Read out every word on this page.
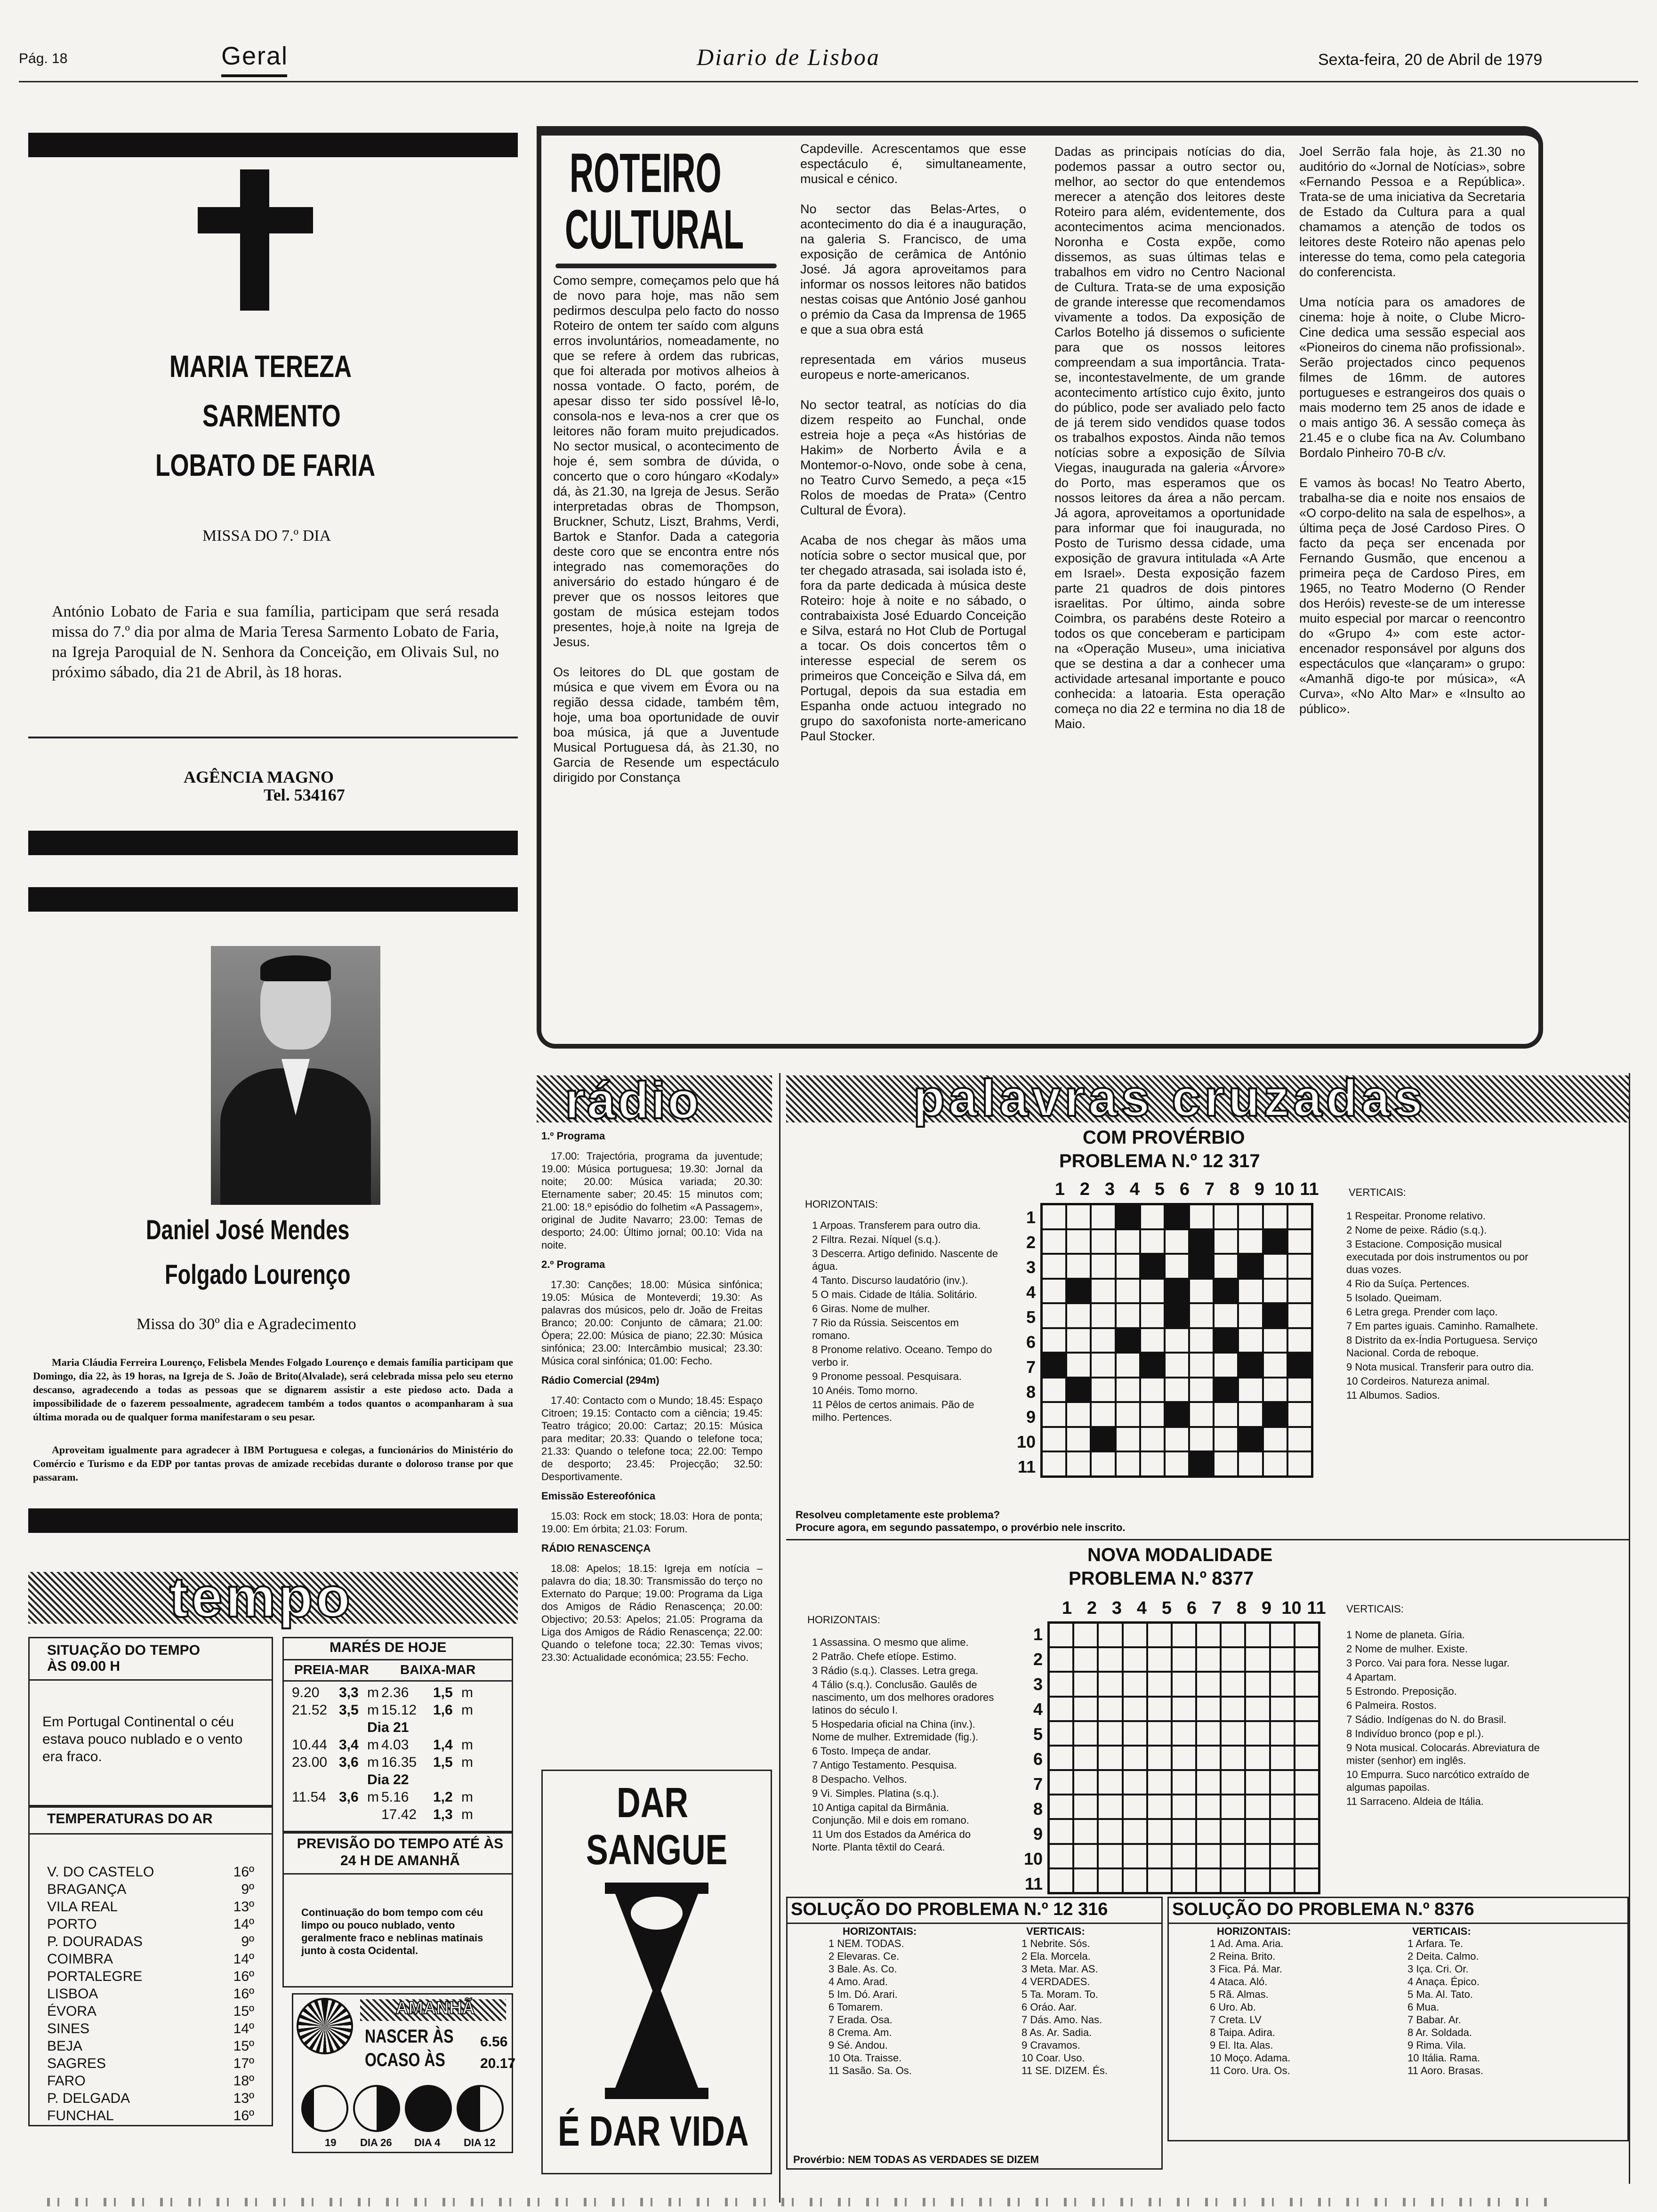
Pág. 18	Geral	Diario de Lisboa	Sexta-feira, 20 de Abril de 1979
MARIA TEREZA
SARMENTO
LOBATO DE FARIA
MISSA DO 7.º DIA
António Lobato de Faria e sua família, participam que será resada missa do 7.º dia por alma de Maria Teresa Sarmento Lobato de Faria, na Igreja Paroquial de N. Senhora da Conceição, em Olivais Sul, no próximo sábado, dia 21 de Abril, às 18 horas.
AGÊNCIA MAGNO
Tel. 534167
Daniel José Mendes
Folgado Lourenço
Missa do 30º dia e Agradecimento
Maria Cláudia Ferreira Lourenço, Felisbela Mendes Folgado Lourenço e demais família participam que Domingo, dia 22, às 19 horas, na Igreja de S. João de Brito(Alvalade), será celebrada missa pelo seu eterno descanso, agradecendo a todas as pessoas que se dignarem assistir a este piedoso acto. Dada a impossibilidade de o fazerem pessoalmente, agradecem também a todos quantos o acompanharam à sua última morada ou de qualquer forma manifestaram o seu pesar.
Aproveitam igualmente para agradecer à IBM Portuguesa e colegas, a funcionários do Ministério do Comércio e Turismo e da EDP por tantas provas de amizade recebidas durante o doloroso transe por que passaram.
ROTEIRO
CULTURAL

Como sempre, começamos pelo que há de novo para hoje, mas não sem pedirmos desculpa pelo facto do nosso Roteiro de ontem ter saído com alguns erros involuntários, nomeadamente, no que se refere à ordem das rubricas, que foi alterada por motivos alheios à nossa vontade. O facto, porém, de apesar disso ter sido possível lê-lo, consola-nos e leva-nos a crer que os leitores não foram muito prejudicados. No sector musical, o acontecimento de hoje é, sem sombra de dúvida, o concerto que o coro húngaro «Kodaly» dá, às 21.30, na Igreja de Jesus. Serão interpretadas obras de Thompson, Bruckner, Schutz, Liszt, Brahms, Verdi, Bartok e Stanfor. Dada a categoria deste coro que se encontra entre nós integrado nas comemorações do aniversário do estado húngaro é de prever que os nossos leitores que gostam de música estejam todos presentes, hoje,à noite na Igreja de Jesus.

Os leitores do DL que gostam de música e que vivem em Évora ou na região dessa cidade, também têm, hoje, uma boa oportunidade de ouvir boa música, já que a Juventude Musical Portuguesa dá, às 21.30, no Garcia de Resende um espectáculo dirigido por Constança

Capdeville. Acrescentamos que esse espectáculo é, simultaneamente, musical e cénico.

No sector das Belas-Artes, o acontecimento do dia é a inauguração, na galeria S. Francisco, de uma exposição de cerâmica de António José. Já agora aproveitamos para informar os nossos leitores não batidos nestas coisas que António José ganhou o prémio da Casa da Imprensa de 1965 e que a sua obra está

representada em vários museus europeus e norte-americanos.

No sector teatral, as notícias do dia dizem respeito ao Funchal, onde estreia hoje a peça «As histórias de Hakim» de Norberto Ávila e a Montemor-o-Novo, onde sobe à cena, no Teatro Curvo Semedo, a peça «15 Rolos de moedas de Prata» (Centro Cultural de Évora).

Acaba de nos chegar às mãos uma notícia sobre o sector musical que, por ter chegado atrasada, sai isolada isto é, fora da parte dedicada à música deste Roteiro: hoje à noite e no sábado, o contrabaixista José Eduardo Conceição e Silva, estará no Hot Club de Portugal a tocar. Os dois concertos têm o interesse especial de serem os primeiros que Conceição e Silva dá, em Portugal, depois da sua estadia em Espanha onde actuou integrado no grupo do saxofonista norte-americano Paul Stocker.

Dadas as principais notícias do dia, podemos passar a outro sector ou, melhor, ao sector do que entendemos merecer a atenção dos leitores deste Roteiro para além, evidentemente, dos acontecimentos acima mencionados. Noronha e Costa expõe, como dissemos, as suas últimas telas e trabalhos em vidro no Centro Nacional de Cultura. Trata-se de uma exposição de grande interesse que recomendamos vivamente a todos. Da exposição de Carlos Botelho já dissemos o suficiente para que os nossos leitores compreendam a sua importância. Trata-se, incontestavelmente, de um grande acontecimento artístico cujo êxito, junto do público, pode ser avaliado pelo facto de já terem sido vendidos quase todos os trabalhos expostos. Ainda não temos notícias sobre a exposição de Sílvia Viegas, inaugurada na galeria «Árvore» do Porto, mas esperamos que os nossos leitores da área a não percam. Já agora, aproveitamos a oportunidade para informar que foi inaugurada, no Posto de Turismo dessa cidade, uma exposição de gravura intitulada «A Arte em Israel». Desta exposição fazem parte 21 quadros de dois pintores israelitas. Por último, ainda sobre Coimbra, os parabéns deste Roteiro a todos os que conceberam e participam na «Operação Museu», uma iniciativa que se destina a dar a conhecer uma actividade artesanal importante e pouco conhecida: a latoaria. Esta operação começa no dia 22 e termina no dia 18 de Maio.

Joel Serrão fala hoje, às 21.30 no auditório do «Jornal de Notícias», sobre «Fernando Pessoa e a República». Trata-se de uma iniciativa da Secretaria de Estado da Cultura para a qual chamamos a atenção de todos os leitores deste Roteiro não apenas pelo interesse do tema, como pela categoria do conferencista.

Uma notícia para os amadores de cinema: hoje à noite, o Clube Micro-Cine dedica uma sessão especial aos «Pioneiros do cinema não profissional». Serão projectados cinco pequenos filmes de 16mm. de autores portugueses e estrangeiros dos quais o mais moderno tem 25 anos de idade e o mais antigo 36. A sessão começa às 21.45 e o clube fica na Av. Columbano Bordalo Pinheiro 70-B c/v.

E vamos às bocas! No Teatro Aberto, trabalha-se dia e noite nos ensaios de «O corpo-delito na sala de espelhos», a última peça de José Cardoso Pires. O facto da peça ser encenada por Fernando Gusmão, que encenou a primeira peça de Cardoso Pires, em 1965, no Teatro Moderno (O Render dos Heróis) reveste-se de um interesse muito especial por marcar o reencontro do «Grupo 4» com este actor-encenador responsável por alguns dos espectáculos que «lançaram» o grupo: «Amanhã digo-te por música», «A Curva», «No Alto Mar» e «Insulto ao público».

rádio
1.º Programa
17.00: Trajectória, programa da juventude; 19.00: Música portuguesa; 19.30: Jornal da noite; 20.00: Música variada; 20.30: Eternamente saber; 20.45: 15 minutos com; 21.00: 18.º episódio do folhetim «A Passagem», original de Judite Navarro; 23.00: Temas de desporto; 24.00: Último jornal; 00.10: Vida na noite.
2.º Programa
17.30: Canções; 18.00: Música sinfónica; 19.05: Música de Monteverdi; 19.30: As palavras dos músicos, pelo dr. João de Freitas Branco; 20.00: Conjunto de câmara; 21.00: Ópera; 22.00: Música de piano; 22.30: Música sinfónica; 23.00: Intercâmbio musical; 23.30: Música coral sinfónica; 01.00: Fecho.
Rádio Comercial (294m)
17.40: Contacto com o Mundo; 18.45: Espaço Citroen; 19.15: Contacto com a ciência; 19.45: Teatro trágico; 20.00: Cartaz; 20.15: Música para meditar; 20.33: Quando o telefone toca; 21.33: Quando o telefone toca; 22.00: Tempo de desporto; 23.45: Projecção; 32.50: Desportivamente.
Emissão Estereofónica
15.03: Rock em stock; 18.03: Hora de ponta; 19.00: Em órbita; 21.03: Forum.
RÁDIO RENASCENÇA
18.08: Apelos; 18.15: Igreja em notícia – palavra do dia; 18.30: Transmissão do terço no Externato do Parque; 19.00: Programa da Liga dos Amigos de Rádio Renascença; 20.00: Objectivo; 20.53: Apelos; 21.05: Programa da Liga dos Amigos de Rádio Renascença; 22.00: Quando o telefone toca; 22.30: Temas vivos; 23.30: Actualidade económica; 23.55: Fecho.
tempo
SITUAÇÃO DO TEMPO ÀS 09.00 H
Em Portugal Continental o céu estava pouco nublado e o vento era fraco.
TEMPERATURAS DO AR
V. DO CASTELO	16º
BRAGANÇA	9º
VILA REAL	13º
PORTO	14º
P. DOURADAS	9º
COIMBRA	14º
PORTALEGRE	16º
LISBOA	16º
ÉVORA	15º
SINES	14º
BEJA	15º
SAGRES	17º
FARO	18º
P. DELGADA	13º
FUNCHAL	16º
MARÉS DE HOJE
PREIA-MAR BAIXA-MAR
9.20	3,3 m 2.36	1,5 m
21.52 3,5 m 15.12	1,6 m
Dia 21
10.44 3,4 m 4.03	1,4 m
23.00 3,6 m 16.35	1,5 m
Dia 22
11.54 3,6 m 5.16	1,2 m
17.42	1,3 m
PREVISÃO DO TEMPO ATÉ ÀS 24 H DE AMANHÃ
Continuação do bom tempo com céu limpo ou pouco nublado, vento geralmente fraco e neblinas matinais junto à costa Ocidental.
AMANHÃ
NASCER ÀS 6.56
OCASO ÀS 20.17
19 DIA 26 DIA 4 DIA 12
DAR
SANGUE
É DAR VIDA
palavras cruzadas
COM PROVÉRBIO
PROBLEMA N.º 12 317
1 2 3 4 5 6 7 8 9 10 11
HORIZONTAIS:
1 Arpoas. Transferem para outro dia.
2 Filtra. Rezai. Níquel (s.q.).
3 Descerra. Artigo definido. Nascente de água.
4 Tanto. Discurso laudatório (inv.).
5 O mais. Cidade de Itália. Solitário.
6 Giras. Nome de mulher.
7 Rio da Rússia. Seiscentos em romano.
8 Pronome relativo. Oceano. Tempo do verbo ir.
9 Pronome pessoal. Pesquisara.
10 Anéis. Tomo morno.
11 Pêlos de certos animais. Pão de milho. Pertences.
1
2
3
4
5
6
7
8
9
10
11
VERTICAIS:
1 Respeitar. Pronome relativo.
2 Nome de peixe. Rádio (s.q.).
3 Estacione. Composição musical executada por dois instrumentos ou por duas vozes.
4 Rio da Suíça. Pertences.
5 Isolado. Queimam.
6 Letra grega. Prender com laço.
7 Em partes iguais. Caminho. Ramalhete.
8 Distrito da ex-Índia Portuguesa. Serviço Nacional. Corda de reboque.
9 Nota musical. Transferir para outro dia.
10 Cordeiros. Natureza animal.
11 Albumos. Sadios.
Resolveu completamente este problema?
Procure agora, em segundo passatempo, o provérbio nele inscrito.
NOVA MODALIDADE
PROBLEMA N.º 8377
1 2 3 4 5 6 7 8 9 10 11
HORIZONTAIS:
1 Assassina. O mesmo que alime.
2 Patrão. Chefe etíope. Estimo.
3 Rádio (s.q.). Classes. Letra grega.
4 Tálio (s.q.). Conclusão. Gaulês de nascimento, um dos melhores oradores latinos do século I.
5 Hospedaria oficial na China (inv.). Nome de mulher. Extremidade (fig.).
6 Tosto. Impeça de andar.
7 Antigo Testamento. Pesquisa.
8 Despacho. Velhos.
9 Vi. Simples. Platina (s.q.).
10 Antiga capital da Birmânia. Conjunção. Mil e dois em romano.
11 Um dos Estados da América do Norte. Planta têxtil do Ceará.
1
2
3
4
5
6
7
8
9
10
11
VERTICAIS:
1 Nome de planeta. Gíria.
2 Nome de mulher. Existe.
3 Porco. Vai para fora. Nesse lugar.
4 Apartam.
5 Estrondo. Preposição.
6 Palmeira. Rostos.
7 Sádio. Indígenas do N. do Brasil.
8 Indivíduo bronco (pop e pl.).
9 Nota musical. Colocarás. Abreviatura de mister (senhor) em inglês.
10 Empurra. Suco narcótico extraído de algumas papoilas.
11 Sarraceno. Aldeia de Itália.
SOLUÇÃO DO PROBLEMA N.º 12 316
HORIZONTAIS:	VERTICAIS:
1 NEM. TODAS.
2 Elevaras. Ce.
3 Bale. As. Co.
4 Amo. Arad.
5 Im. Dó. Arari.
6 Tomarem.
7 Erada. Osa.
8 Crema. Am.
9 Sé. Andou.
10 Ota. Traisse.
11 Sasão. Sa. Os.
1 Nebrite. Sós.
2 Ela. Morcela.
3 Meta. Mar. AS.
4 VERDADES.
5 Ta. Moram. To.
6 Oráo. Aar.
7 Dás. Amo. Nas.
8 As. Ar. Sadia.
9 Cravamos.
10 Coar. Uso.
11 SE. DIZEM. És.
Provérbio: NEM TODAS AS VERDADES SE DIZEM
SOLUÇÃO DO PROBLEMA N.º 8376
HORIZONTAIS:	VERTICAIS:
1 Ad. Ama. Aria.
2 Reina. Brito.
3 Fica. Pá. Mar.
4 Ataca. Aló.
5 Rã. Almas.
6 Uro. Ab.
7 Creta. LV
8 Taipa. Adira.
9 El. Ita. Alas.
10 Moço. Adama.
11 Coro. Ura. Os.
1 Arfara. Te.
2 Deita. Calmo.
3 Iça. Cri. Or.
4 Anaça. Épico.
5 Ma. Al. Tato.
6 Mua.
7 Babar. Ar.
8 Ar. Soldada.
9 Rima. Vila.
10 Itália. Rama.
11 Aoro. Brasas.
